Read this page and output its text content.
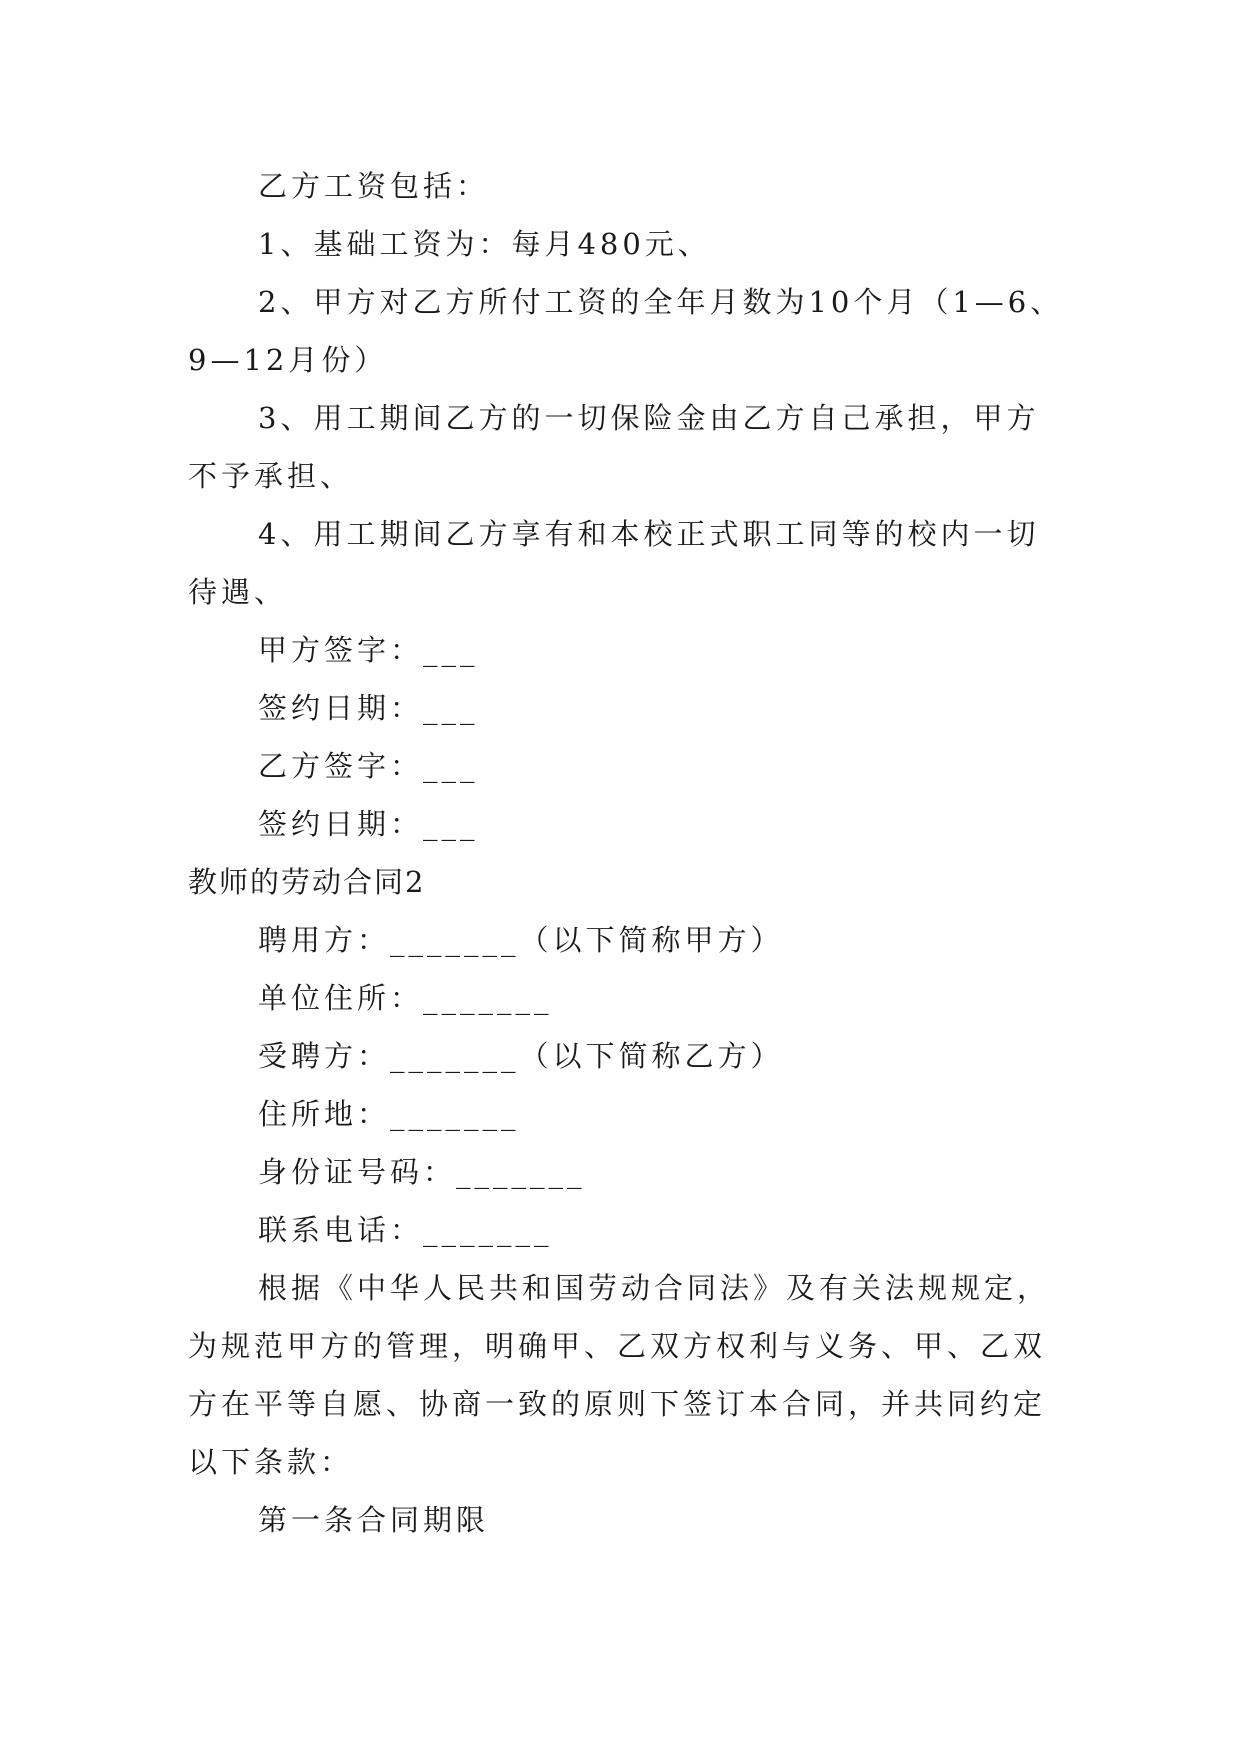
乙方工资包括：

1、基础工资为：每月480元、

2、甲方对乙方所付工资的全年月数为10个月（1—6、

9—12月份）

3、用工期间乙方的一切保险金由乙方自己承担，甲方

不予承担、

4、用工期间乙方享有和本校正式职工同等的校内一切

待遇、

甲方签字：___

签约日期：___

乙方签字：___

签约日期：___

教师的劳动合同2

聘用方：_______（以下简称甲方）

单位住所：_______

受聘方：_______（以下简称乙方）

住所地：_______

身份证号码：_______

联系电话：_______

根据《中华人民共和国劳动合同法》及有关法规规定，

为规范甲方的管理，明确甲、乙双方权利与义务、甲、乙双

方在平等自愿、协商一致的原则下签订本合同，并共同约定

以下条款：

第一条合同期限
